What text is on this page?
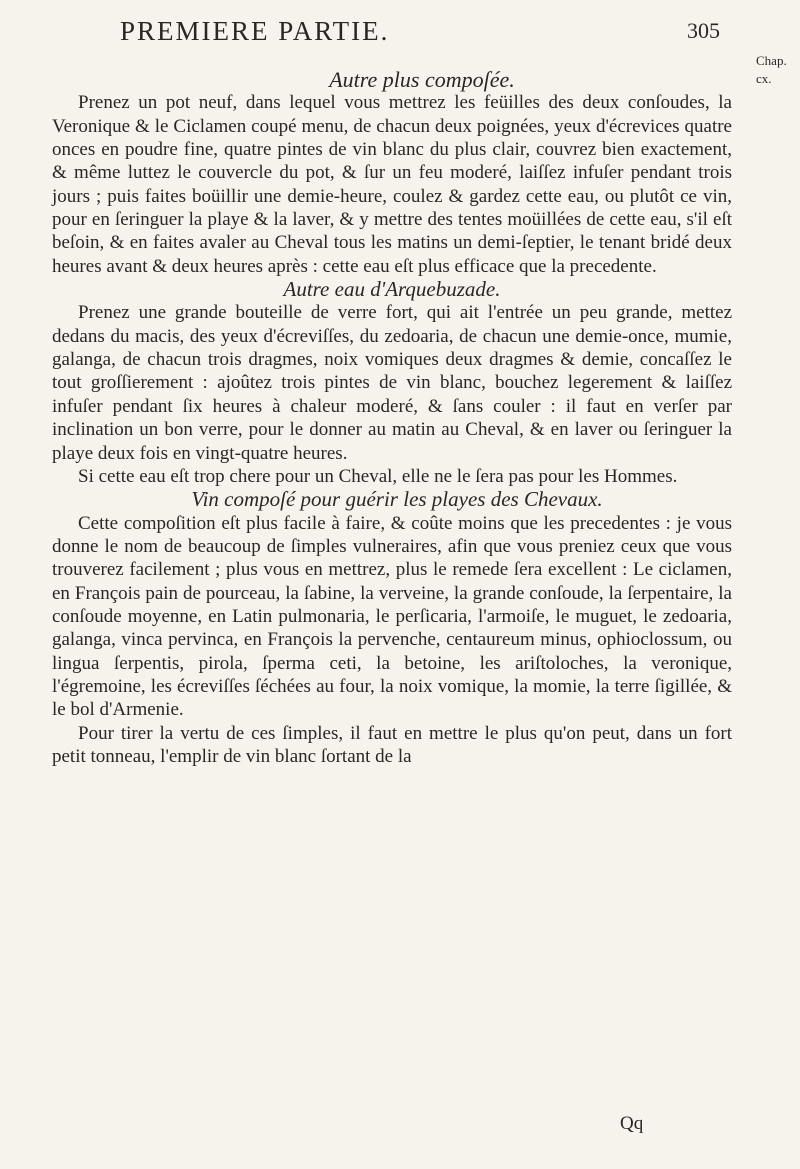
PREMIERE PARTIE.	305
Chap.
cx.

Autre plus compoſée.

Prenez un pot neuf, dans lequel vous mettrez les feüilles des deux conſoudes, la Veronique & le Ciclamen coupé menu, de chacun deux poignées, yeux d'écrevices quatre onces en poudre fine, quatre pintes de vin blanc du plus clair, couvrez bien exactement, & même luttez le couvercle du pot, & ſur un feu moderé, laiſſez infuſer pendant trois jours ; puis faites boüillir une demie-heure, coulez & gardez cette eau, ou plutôt ce vin, pour en ſeringuer la playe & la laver, & y mettre des tentes moüillées de cette eau, s'il eſt beſoin, & en faites avaler au Cheval tous les matins un demi-ſeptier, le tenant bridé deux heures avant & deux heures après : cette eau eſt plus efficace que la precedente.

Autre eau d'Arquebuzade.

Prenez une grande bouteille de verre fort, qui ait l'entrée un peu grande, mettez dedans du macis, des yeux d'écreviſſes, du zedoaria, de chacun une demie-once, mumie, galanga, de chacun trois dragmes, noix vomiques deux dragmes & demie, concaſſez le tout groſſierement : ajoûtez trois pintes de vin blanc, bouchez legerement & laiſſez infuſer pendant ſix heures à chaleur moderé, & ſans couler : il faut en verſer par inclination un bon verre, pour le donner au matin au Cheval, & en laver ou ſeringuer la playe deux fois en vingt-quatre heures.

Si cette eau eſt trop chere pour un Cheval, elle ne le ſera pas pour les Hommes.

Vin compoſé pour guérir les playes des Chevaux.

Cette compoſition eſt plus facile à faire, & coûte moins que les precedentes : je vous donne le nom de beaucoup de ſimples vulneraires, afin que vous preniez ceux que vous trouverez facilement ; plus vous en mettrez, plus le remede ſera excellent : Le ciclamen, en François pain de pourceau, la ſabine, la verveine, la grande conſoude, la ſerpentaire, la conſoude moyenne, en Latin pulmonaria, le perſicaria, l'armoiſe, le muguet, le zedoaria, galanga, vinca pervinca, en François la pervenche, centaureum minus, ophioclossum, ou lingua ſerpentis, pirola, ſperma ceti, la betoine, les ariſtoloches, la veronique, l'égremoine, les écreviſſes ſéchées au four, la noix vomique, la momie, la terre ſigillée, & le bol d'Armenie.

Pour tirer la vertu de ces ſimples, il faut en mettre le plus qu'on peut, dans un fort petit tonneau, l'emplir de vin blanc ſortant de la

Qq
